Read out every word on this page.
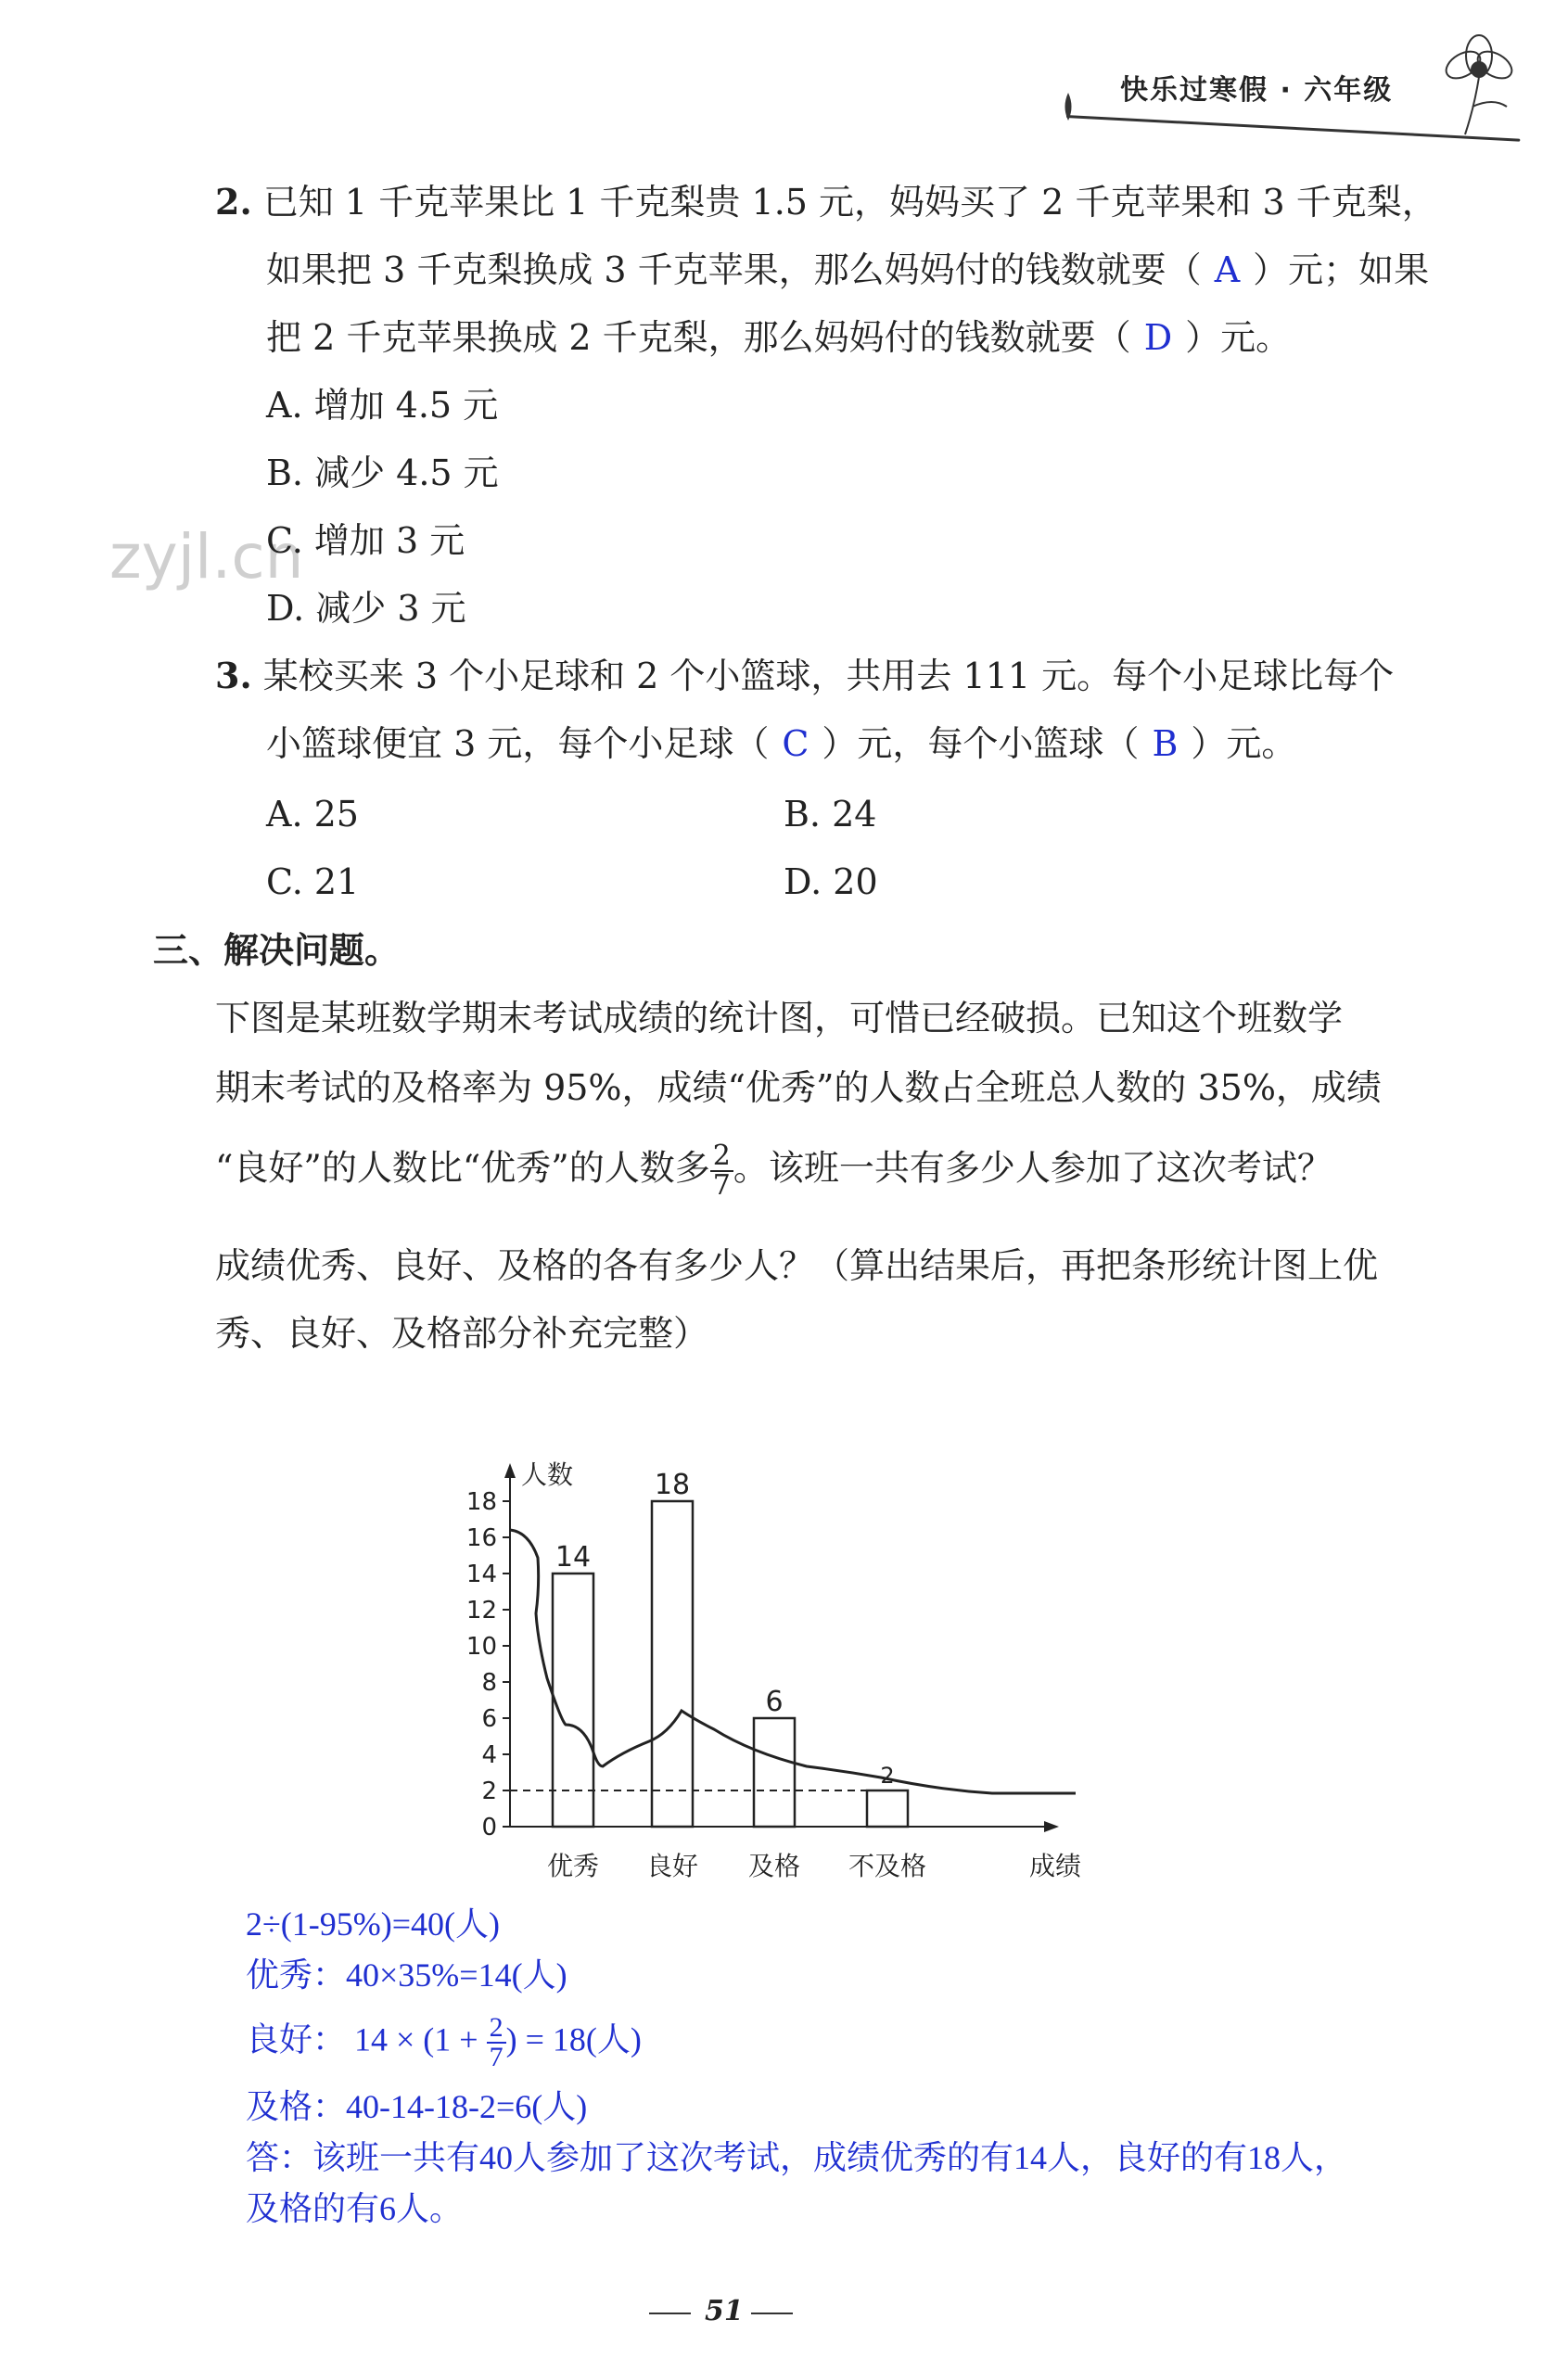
快乐过寒假 · 六年级
zyjl.cn
2. 已知 1 千克苹果比 1 千克梨贵 1.5 元，妈妈买了 2 千克苹果和 3 千克梨，
如果把 3 千克梨换成 3 千克苹果，那么妈妈付的钱数就要（ A ）元；如果
把 2 千克苹果换成 2 千克梨，那么妈妈付的钱数就要（ D ）元。
A. 增加 4.5 元
B. 减少 4.5 元
C. 增加 3 元
D. 减少 3 元
3. 某校买来 3 个小足球和 2 个小篮球，共用去 111 元。每个小足球比每个
小篮球便宜 3 元，每个小足球（ C ）元，每个小篮球（ B ）元。
A. 25	B. 24
C. 21	D. 20
三、解决问题。
下图是某班数学期末考试成绩的统计图，可惜已经破损。已知这个班数学
期末考试的及格率为 95%，成绩“优秀”的人数占全班总人数的 35%，成绩
“良好”的人数比“优秀”的人数多 $\frac{2}{7}$ 。该班一共有多少人参加了这次考试？
成绩优秀、良好、及格的各有多少人？（算出结果后，再把条形统计图上优
秀、良好、及格部分补充完整）
0
2
4
6
8
10
12
14
16
18
人数
成绩
14
优秀
18
良好
6
及格
2
不及格
2÷(1-95%)=40(人)
优秀：40×35%=14(人)
良好： $14 \times (1 + \frac{2}{7}$ ) = 18(人)
及格：40-14-18-2=6(人)
答：该班一共有40人参加了这次考试，成绩优秀的有14人，良好的有18人，
及格的有6人。
51
